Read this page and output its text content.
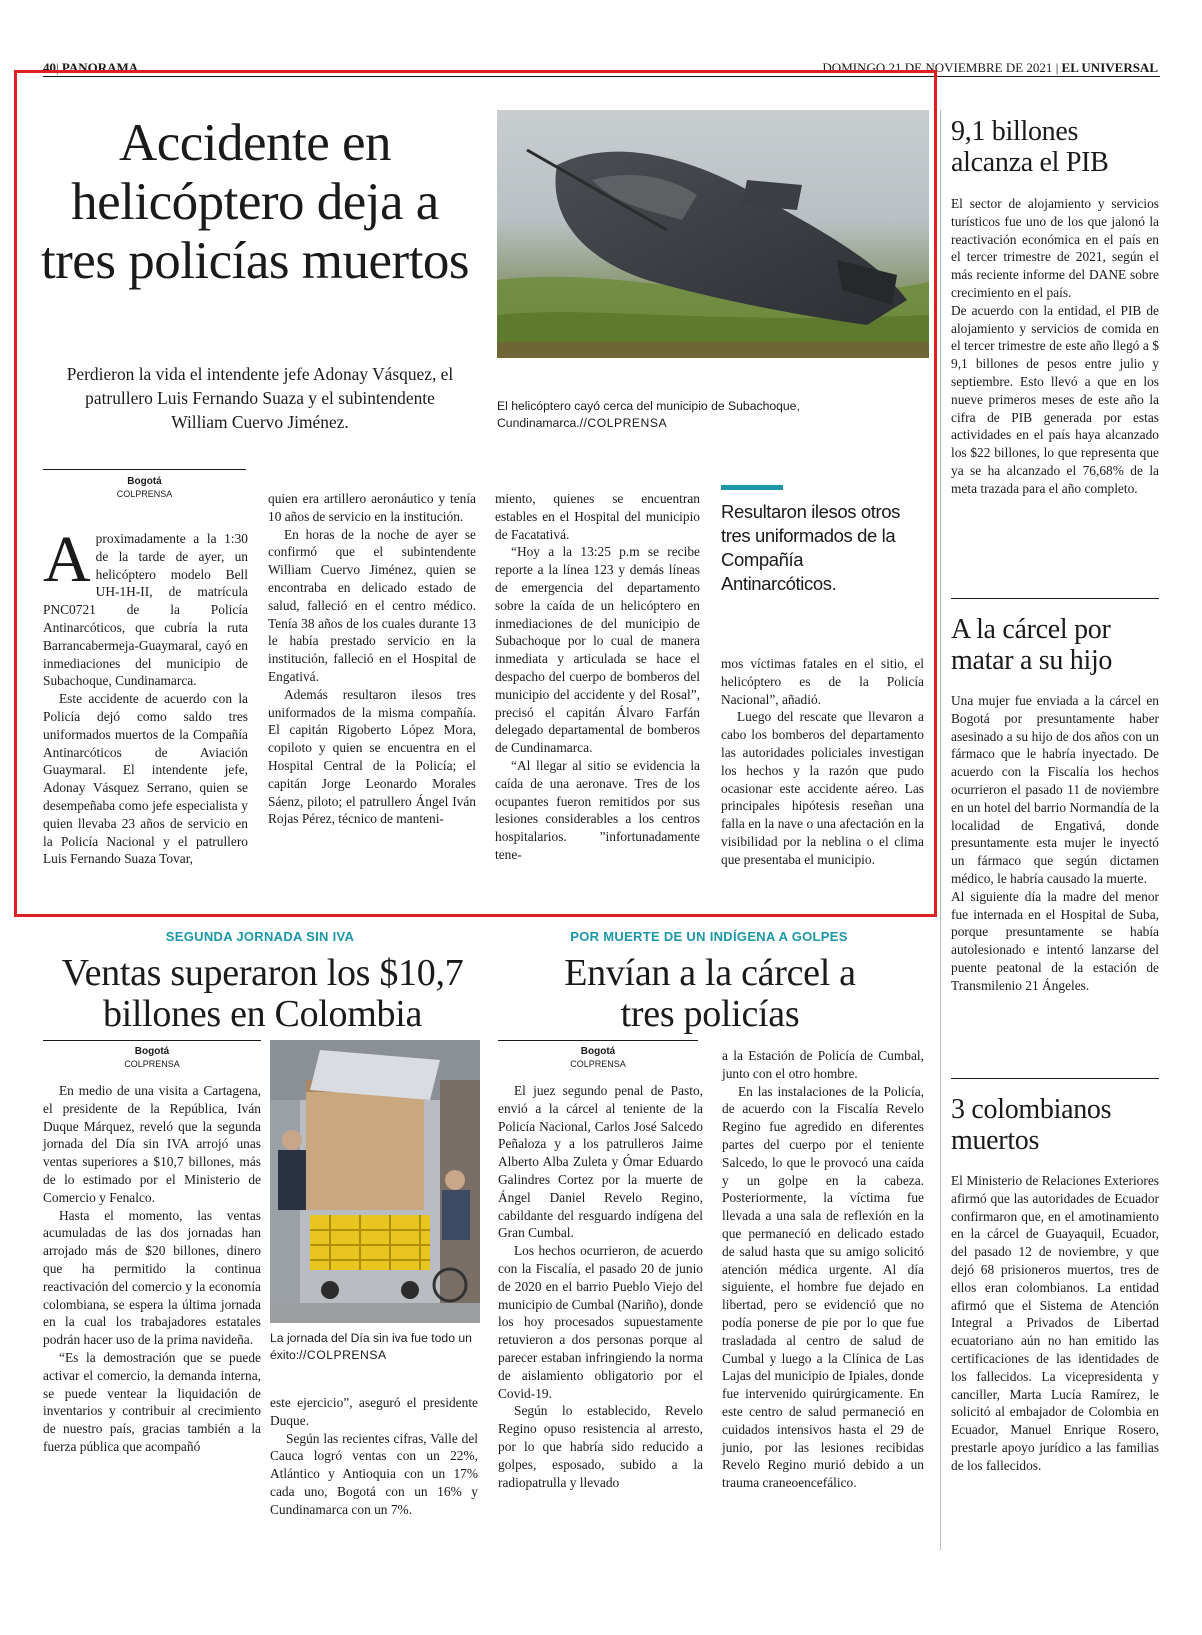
40| PANORAMA	DOMINGO 21 DE NOVIEMBRE DE 2021 | EL UNIVERSAL
Accidente en helicóptero deja a tres policías muertos
Perdieron la vida el intendente jefe Adonay Vásquez, el patrullero Luis Fernando Suaza y el subintendente William Cuervo Jiménez.
El helicóptero cayó cerca del municipio de Subachoque, Cundinamarca.//COLPRENSA
Bogotá
COLPRENSA

Aproximadamente a la 1:30 de la tarde de ayer, un helicóptero modelo Bell UH-1H-II, de matrícula PNC0721 de la Policía Antinarcóticos, que cubría la ruta Barrancabermeja-Guaymaral, cayó en inmediaciones del municipio de Subachoque, Cundinamarca.

Este accidente de acuerdo con la Policía dejó como saldo tres uniformados muertos de la Compañía Antinarcóticos de Aviación Guaymaral. El intendente jefe, Adonay Vásquez Serrano, quien se desempeñaba como jefe especialista y quien llevaba 23 años de servicio en la Policía Nacional y el patrullero Luis Fernando Suaza Tovar,

quien era artillero aeronáutico y tenía 10 años de servicio en la institución.

En horas de la noche de ayer se confirmó que el subintendente William Cuervo Jiménez, quien se encontraba en delicado estado de salud, falleció en el centro médico. Tenía 38 años de los cuales durante 13 le había prestado servicio en la institución, falleció en el Hospital de Engativá.

Además resultaron ilesos tres uniformados de la misma compañía. El capitán Rigoberto López Mora, copiloto y quien se encuentra en el Hospital Central de la Policía; el capitán Jorge Leonardo Morales Sáenz, piloto; el patrullero Ángel Iván Rojas Pérez, técnico de manteni-

miento, quienes se encuentran estables en el Hospital del municipio de Facatativá.

“Hoy a la 13:25 p.m se recibe reporte a la línea 123 y demás líneas de emergencia del departamento sobre la caída de un helicóptero en inmediaciones de del municipio de Subachoque por lo cual de manera inmediata y articulada se hace el despacho del cuerpo de bomberos del municipio del accidente y del Rosal”, precisó el capitán Álvaro Farfán delegado departamental de bomberos de Cundinamarca.

“Al llegar al sitio se evidencia la caída de una aeronave. Tres de los ocupantes fueron remitidos por sus lesiones considerables a los centros hospitalarios. ”infortunadamente tene-

Resultaron ilesos otros tres uniformados de la Compañía Antinarcóticos.

mos víctimas fatales en el sitio, el helicóptero es de la Policía Nacional”, añadió.

Luego del rescate que llevaron a cabo los bomberos del departamento las autoridades policiales investigan los hechos y la razón que pudo ocasionar este accidente aéreo. Las principales hipótesis reseñan una falla en la nave o una afectación en la visibilidad por la neblina o el clima que presentaba el municipio.

SEGUNDA JORNADA SIN IVA
Ventas superaron los $10,7 billones en Colombia
Bogotá
COLPRENSA

En medio de una visita a Cartagena, el presidente de la República, Iván Duque Márquez, reveló que la segunda jornada del Día sin IVA arrojó unas ventas superiores a $10,7 billones, más de lo estimado por el Ministerio de Comercio y Fenalco.

Hasta el momento, las ventas acumuladas de las dos jornadas han arrojado más de $20 billones, dinero que ha permitido la continua reactivación del comercio y la economía colombiana, se espera la última jornada en la cual los trabajadores estatales podrán hacer uso de la prima navideña.

“Es la demostración que se puede activar el comercio, la demanda interna, se puede ventear la liquidación de inventarios y contribuir al crecimiento de nuestro país, gracias también a la fuerza pública que acompañó

La jornada del Día sin iva fue todo un éxito://COLPRENSA

este ejercicio”, aseguró el presidente Duque.

Según las recientes cifras, Valle del Cauca logró ventas con un 22%, Atlántico y Antioquia con un 17% cada uno, Bogotá con un 16% y Cundinamarca con un 7%.

POR MUERTE DE UN INDÍGENA A GOLPES
Envían a la cárcel a tres policías
Bogotá
COLPRENSA

El juez segundo penal de Pasto, envió a la cárcel al teniente de la Policía Nacional, Carlos José Salcedo Peñaloza y a los patrulleros Jaime Alberto Alba Zuleta y Ómar Eduardo Galindres Cortez por la muerte de Ángel Daniel Revelo Regino, cabildante del resguardo indígena del Gran Cumbal.

Los hechos ocurrieron, de acuerdo con la Fiscalía, el pasado 20 de junio de 2020 en el barrio Pueblo Viejo del municipio de Cumbal (Nariño), donde los hoy procesados supuestamente retuvieron a dos personas porque al parecer estaban infringiendo la norma de aislamiento obligatorio por el Covid-19.

Según lo establecido, Revelo Regino opuso resistencia al arresto, por lo que habría sido reducido a golpes, esposado, subido a la radiopatrulla y llevado

a la Estación de Policía de Cumbal, junto con el otro hombre.

En las instalaciones de la Policía, de acuerdo con la Fiscalía Revelo Regino fue agredido en diferentes partes del cuerpo por el teniente Salcedo, lo que le provocó una caída y un golpe en la cabeza. Posteriormente, la víctima fue llevada a una sala de reflexión en la que permaneció en delicado estado de salud hasta que su amigo solicitó atención médica urgente. Al día siguiente, el hombre fue dejado en libertad, pero se evidenció que no podía ponerse de pie por lo que fue trasladada al centro de salud de Cumbal y luego a la Clínica de Las Lajas del municipio de Ipiales, donde fue intervenido quirúrgicamente. En este centro de salud permaneció en cuidados intensivos hasta el 29 de junio, por las lesiones recibidas Revelo Regino murió debido a un trauma craneoencefálico.

9,1 billones alcanza el PIB

El sector de alojamiento y servicios turísticos fue uno de los que jalonó la reactivación económica en el país en el tercer trimestre de 2021, según el más reciente informe del DANE sobre crecimiento en el país.

De acuerdo con la entidad, el PIB de alojamiento y servicios de comida en el tercer trimestre de este año llegó a $ 9,1 billones de pesos entre julio y septiembre. Esto llevó a que en los nueve primeros meses de este año la cifra de PIB generada por estas actividades en el país haya alcanzado los $22 billones, lo que representa que ya se ha alcanzado el 76,68% de la meta trazada para el año completo.

A la cárcel por matar a su hijo

Una mujer fue enviada a la cárcel en Bogotá por presuntamente haber asesinado a su hijo de dos años con un fármaco que le habría inyectado. De acuerdo con la Fiscalía los hechos ocurrieron el pasado 11 de noviembre en un hotel del barrio Normandía de la localidad de Engativá, donde presuntamente esta mujer le inyectó un fármaco que según dictamen médico, le habría causado la muerte.

Al siguiente día la madre del menor fue internada en el Hospital de Suba, porque presuntamente se había autolesionado e intentó lanzarse del puente peatonal de la estación de Transmilenio 21 Ángeles.

3 colombianos muertos

El Ministerio de Relaciones Exteriores afirmó que las autoridades de Ecuador confirmaron que, en el amotinamiento en la cárcel de Guayaquil, Ecuador, del pasado 12 de noviembre, y que dejó 68 prisioneros muertos, tres de ellos eran colombianos. La entidad afirmó que el Sistema de Atención Integral a Privados de Libertad ecuatoriano aún no han emitido las certificaciones de las identidades de los fallecidos. La vicepresidenta y canciller, Marta Lucía Ramírez, le solicitó al embajador de Colombia en Ecuador, Manuel Enrique Rosero, prestarle apoyo jurídico a las familias de los fallecidos.
